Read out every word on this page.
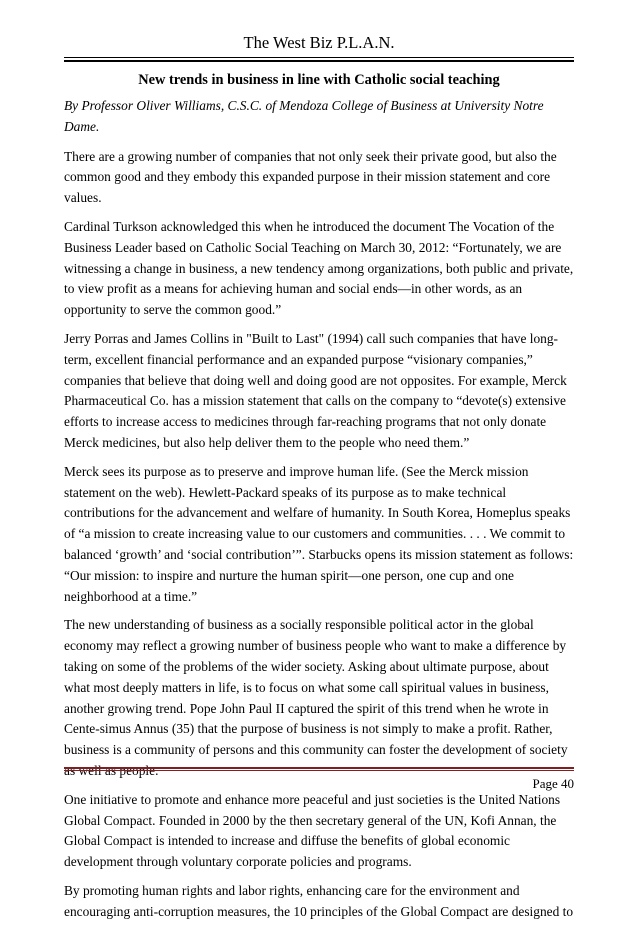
The West Biz P.L.A.N.
New trends in business in line with Catholic social teaching

By Professor Oliver Williams, C.S.C. of Mendoza College of Business at University Notre Dame.

There are a growing number of companies that not only seek their private good, but also the common good and they embody this expanded purpose in their mission statement and core values.

Cardinal Turkson acknowledged this when he introduced the document The Vocation of the Business Leader based on Catholic Social Teaching on March 30, 2012: “Fortunately, we are witnessing a change in business, a new tendency among organizations, both public and private, to view profit as a means for achieving human and social ends—in other words, as an opportunity to serve the common good.”

Jerry Porras and James Collins in "Built to Last" (1994) call such companies that have long-term, excellent financial performance and an expanded purpose “visionary companies,” companies that believe that doing well and doing good are not opposites. For example, Merck Pharmaceutical Co. has a mission statement that calls on the company to “devote(s) extensive efforts to increase access to medicines through far-reaching programs that not only donate Merck medicines, but also help deliver them to the people who need them.”

Merck sees its purpose as to preserve and improve human life. (See the Merck mission statement on the web). Hewlett-Packard speaks of its purpose as to make technical contributions for the advancement and welfare of humanity. In South Korea, Homeplus speaks of “a mission to create increasing value to our customers and communities. . . . We commit to balanced ‘growth’ and ‘social contribution’”. Starbucks opens its mission statement as follows: “Our mission: to inspire and nurture the human spirit—one person, one cup and one neighborhood at a time.”

The new understanding of business as a socially responsible political actor in the global economy may reflect a growing number of business people who want to make a difference by taking on some of the problems of the wider society. Asking about ultimate purpose, about what most deeply matters in life, is to focus on what some call spiritual values in business, another growing trend. Pope John Paul II captured the spirit of this trend when he wrote in Cente-simus Annus (35) that the purpose of business is not simply to make a profit. Rather, business is a community of persons and this community can foster the development of society as as

One initiative to promote and enhance more peaceful and just societies is the United Nations Global Compact. Founded in 2000 by the then secretary general of the UN, Kofi Annan, the Global Compact is intended to increase and diffuse the benefits of global economic development through voluntary corporate policies and programs.

By promoting human rights and labor rights, enhancing care for the environment and encouraging anti-corruption measures, the 10 principles of the Global Compact are designed to

Page 40
